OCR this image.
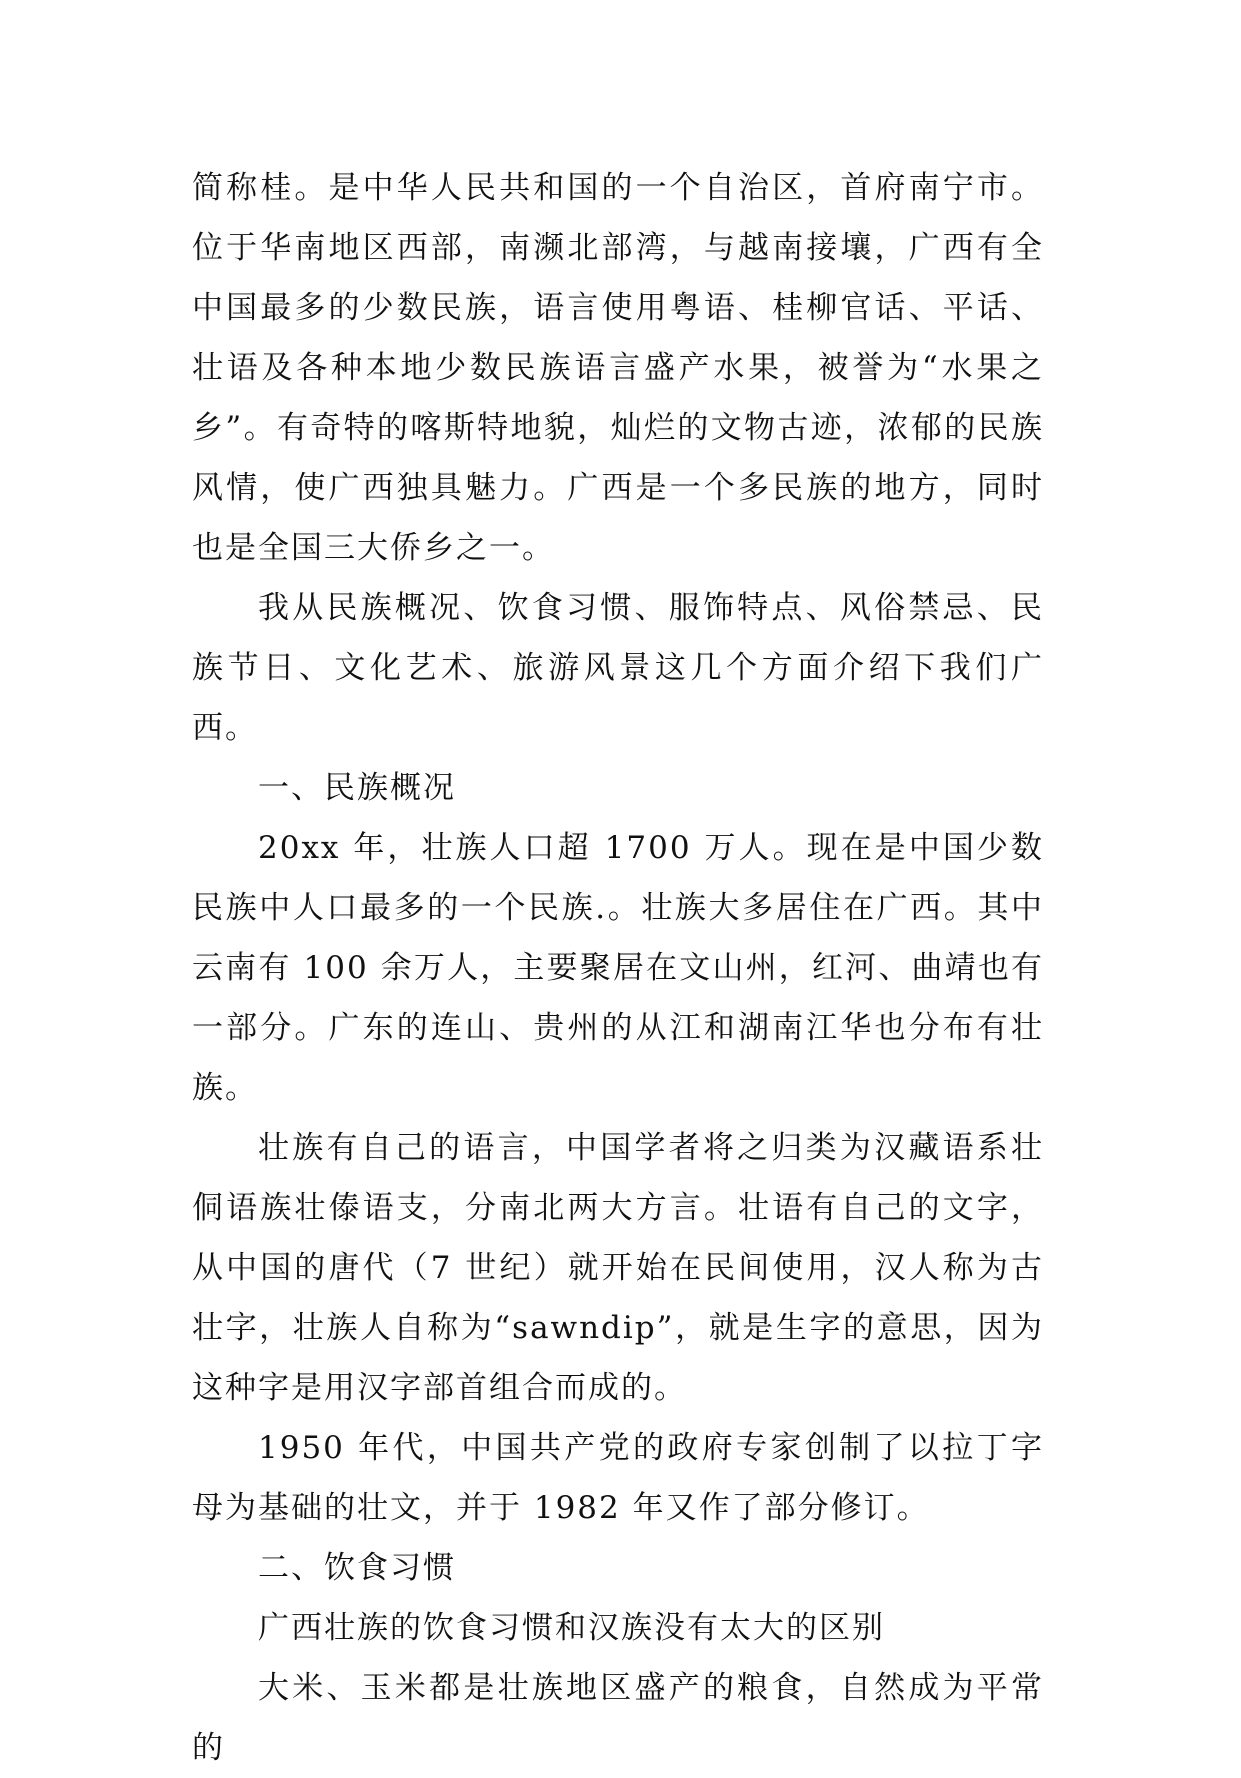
简称桂。是中华人民共和国的一个自治区，首府南宁市。位于华南地区西部，南濒北部湾，与越南接壤，广西有全中国最多的少数民族，语言使用粤语、桂柳官话、平话、壮语及各种本地少数民族语言盛产水果，被誉为“水果之乡”。有奇特的喀斯特地貌，灿烂的文物古迹，浓郁的民族风情，使广西独具魅力。广西是一个多民族的地方，同时也是全国三大侨乡之一。

我从民族概况、饮食习惯、服饰特点、风俗禁忌、民族节日、文化艺术、旅游风景这几个方面介绍下我们广西。

一、民族概况

20xx 年，壮族人口超 1700 万人。现在是中国少数民族中人口最多的一个民族.。壮族大多居住在广西。其中云南有 100 余万人，主要聚居在文山州，红河、曲靖也有一部分。广东的连山、贵州的从江和湖南江华也分布有壮族。

壮族有自己的语言，中国学者将之归类为汉藏语系壮侗语族壮傣语支，分南北两大方言。壮语有自己的文字，从中国的唐代（7 世纪）就开始在民间使用，汉人称为古壮字，壮族人自称为“sawndip”，就是生字的意思，因为这种字是用汉字部首组合而成的。

1950 年代，中国共产党的政府专家创制了以拉丁字母为基础的壮文，并于 1982 年又作了部分修订。

二、饮食习惯

广西壮族的饮食习惯和汉族没有太大的区别

大米、玉米都是壮族地区盛产的粮食，自然成为平常的
